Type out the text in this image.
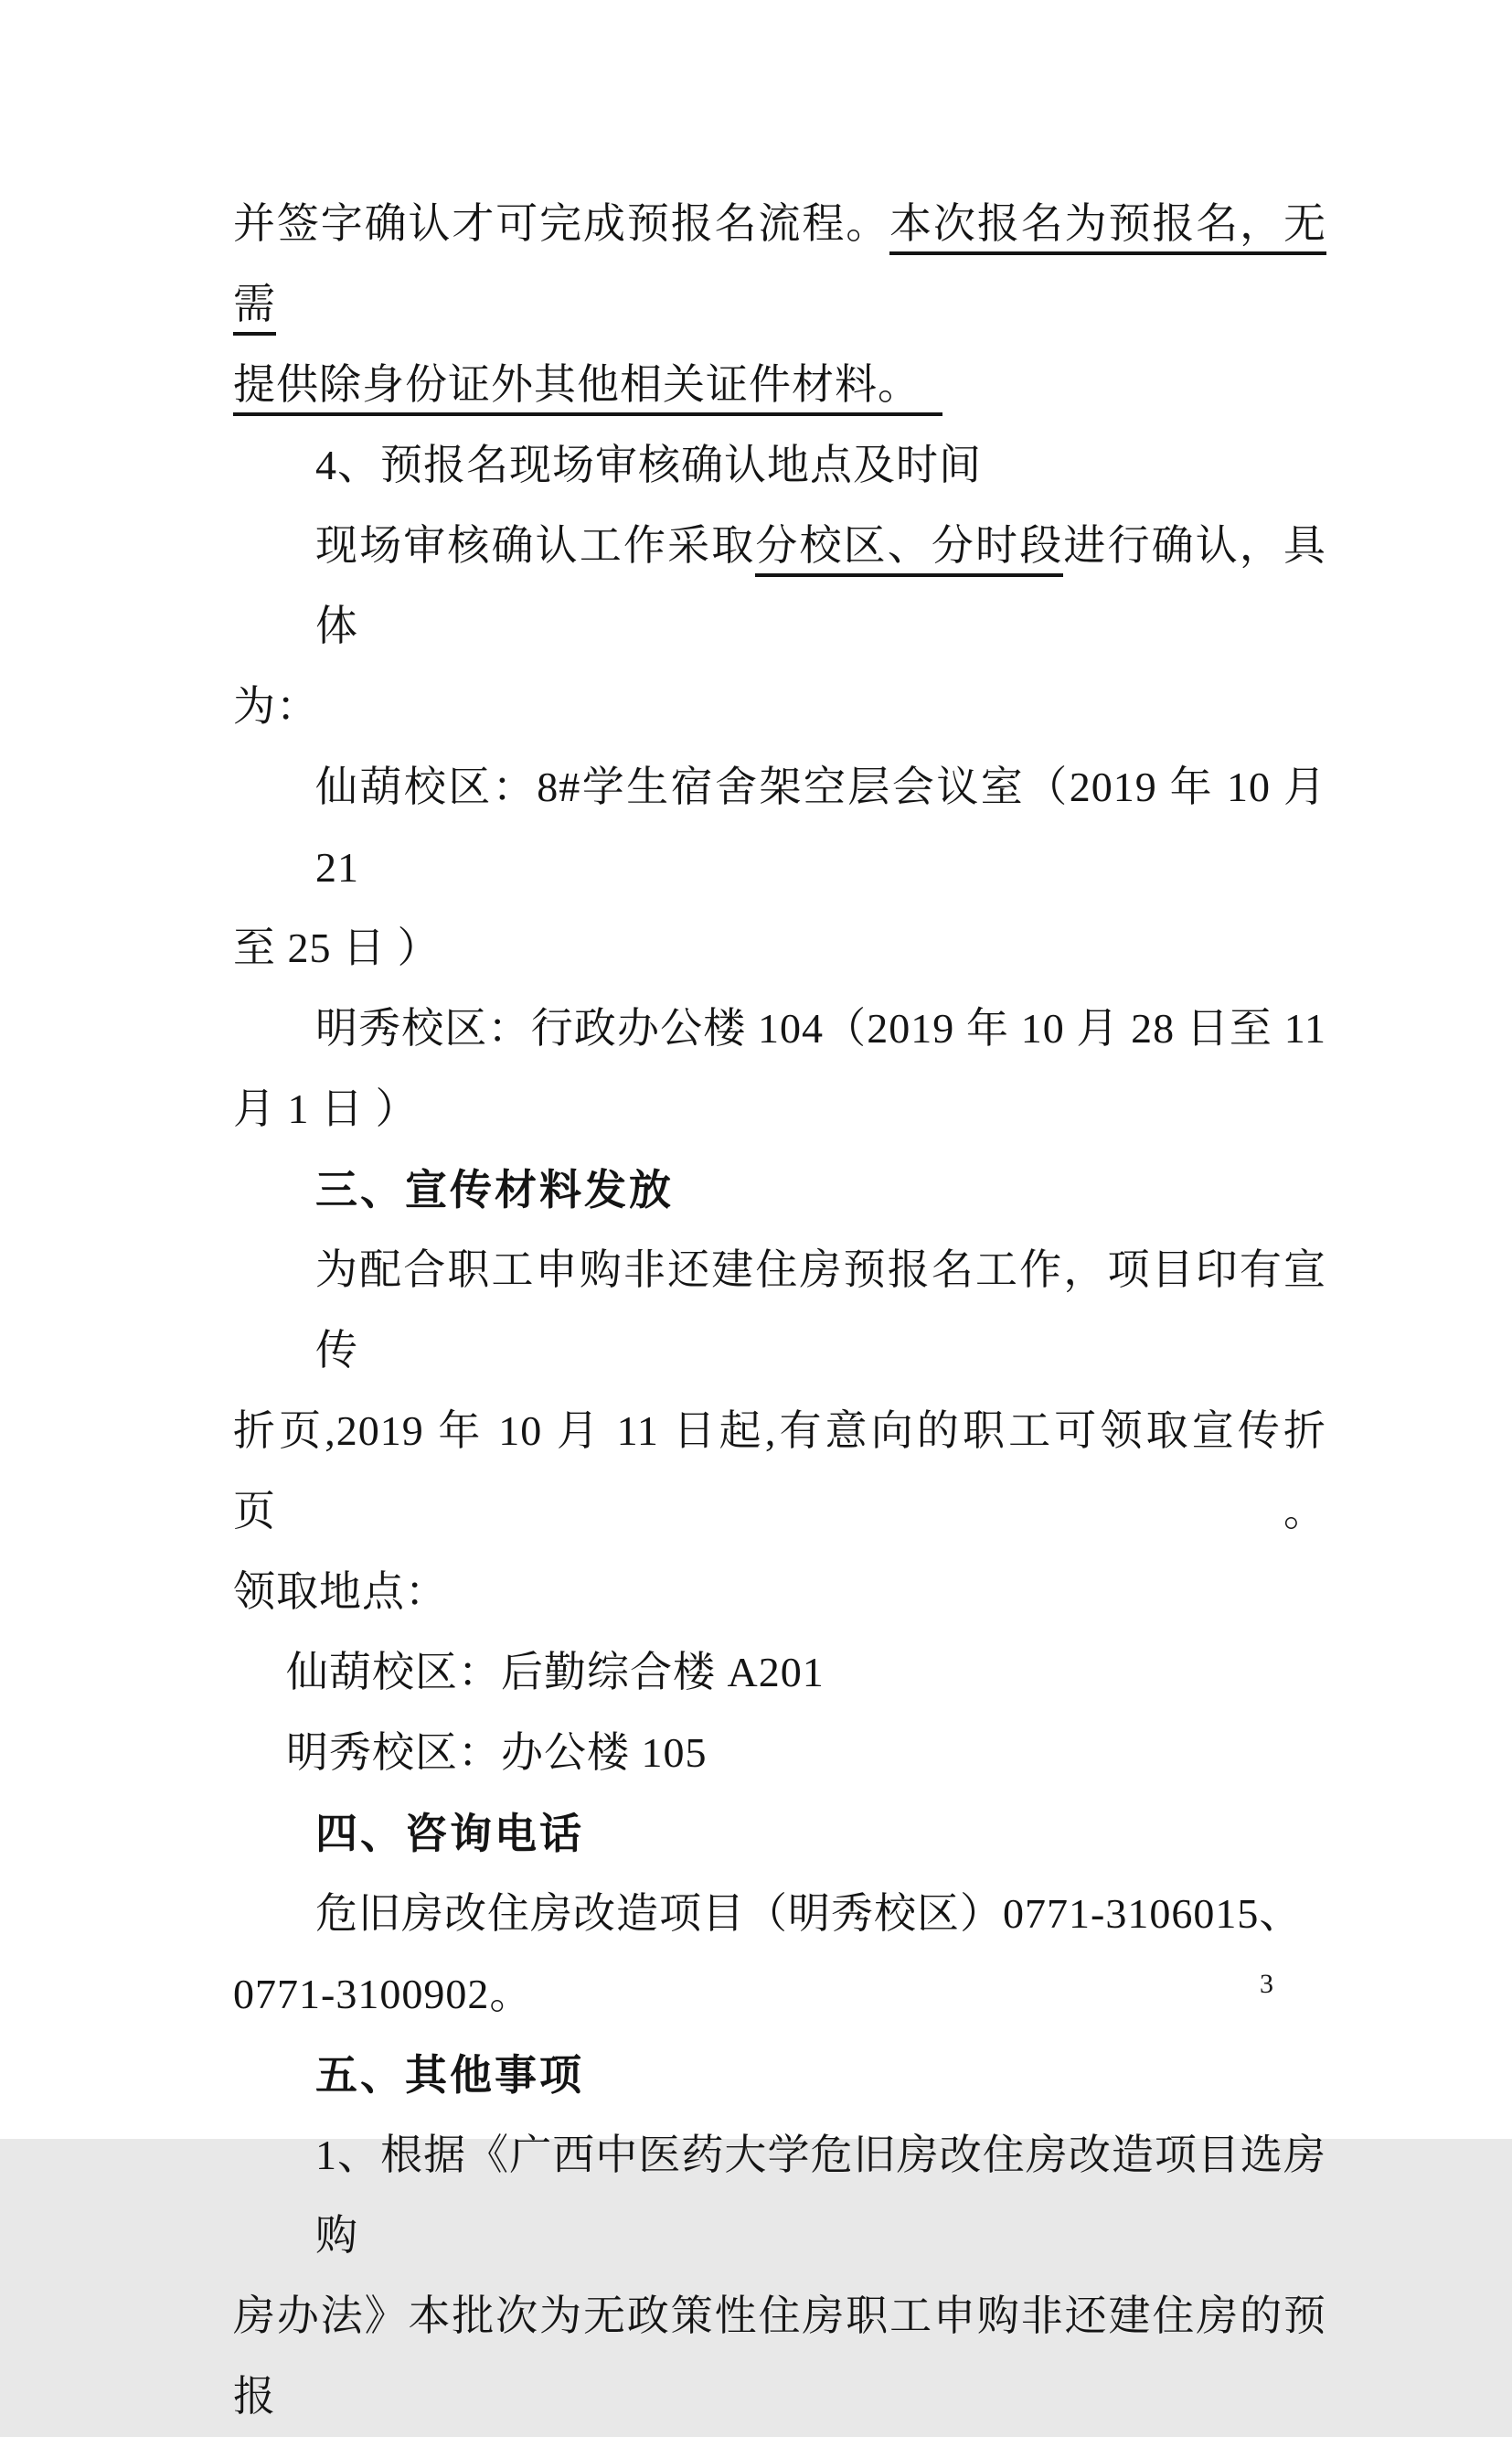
并签字确认才可完成预报名流程。本次报名为预报名，无需
提供除身份证外其他相关证件材料。　
4、预报名现场审核确认地点及时间
现场审核确认工作采取分校区、分时段进行确认，具体
为：
仙葫校区：8#学生宿舍架空层会议室（2019 年 10 月 21
至 25 日 ）
明秀校区：行政办公楼 104（2019 年 10 月 28 日至 11
月 1 日 ）
三、宣传材料发放
为配合职工申购非还建住房预报名工作，项目印有宣传
折页,2019 年 10 月 11 日起,有意向的职工可领取宣传折页。
领取地点：
仙葫校区：后勤综合楼 A201
明秀校区：办公楼 105
四、咨询电话
危旧房改住房改造项目（明秀校区）0771-3106015、
0771-3100902。
五、其他事项
1、根据《广西中医药大学危旧房改住房改造项目选房购
房办法》本批次为无政策性住房职工申购非还建住房的预报
3
